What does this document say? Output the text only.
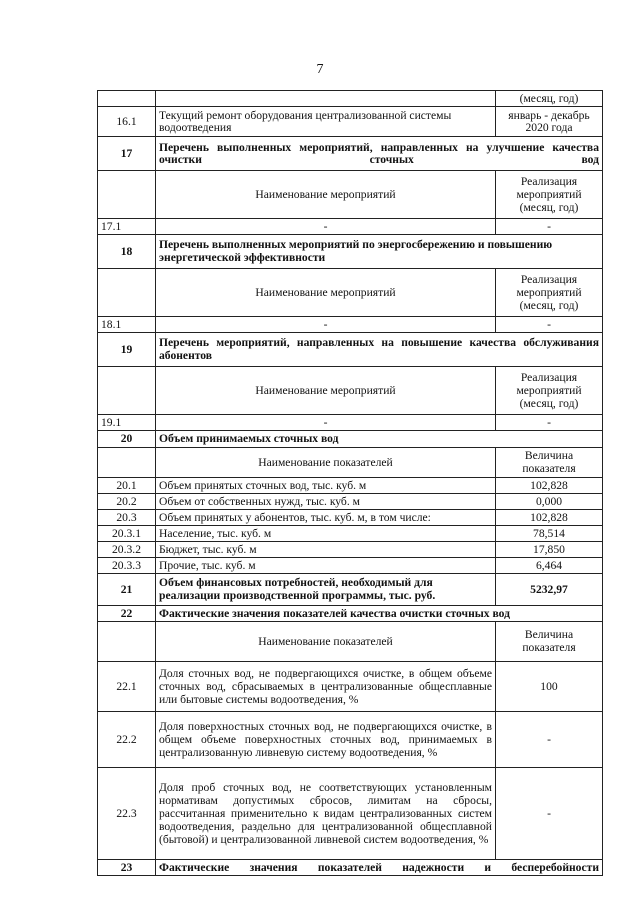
7
		(месяц, год)
16.1	Текущий ремонт оборудования централизованной системы водоотведения	январь - декабрь 2020 года
17	Перечень выполненных мероприятий, направленных на улучшение качества очистки сточных вод	
	Наименование мероприятий	Реализация мероприятий (месяц, год)
17.1	-	-
18	Перечень выполненных мероприятий по энергосбережению и повышению энергетической эффективности	
	Наименование мероприятий	Реализация мероприятий (месяц, год)
18.1	-	-
19	Перечень мероприятий, направленных на повышение качества обслуживания абонентов	
	Наименование мероприятий	Реализация мероприятий (месяц, год)
19.1	-	-
20	Объем принимаемых сточных вод	
	Наименование показателей	Величина показателя
20.1	Объем принятых сточных вод, тыс. куб. м	102,828
20.2	Объем от собственных нужд, тыс. куб. м	0,000
20.3	Объем принятых у абонентов, тыс. куб. м, в том числе:	102,828
20.3.1	Население, тыс. куб. м	78,514
20.3.2	Бюджет, тыс. куб. м	17,850
20.3.3	Прочие, тыс. куб. м	6,464
21	Объем финансовых потребностей, необходимый для реализации производственной программы, тыс. руб.	5232,97
22	Фактические значения показателей качества очистки сточных вод	
	Наименование показателей	Величина показателя
22.1	Доля сточных вод, не подвергающихся очистке, в общем объеме сточных вод, сбрасываемых в централизованные общесплавные или бытовые системы водоотведения, %	100
22.2	Доля поверхностных сточных вод, не подвергающихся очистке, в общем объеме поверхностных сточных вод, принимаемых в централизованную ливневую систему водоотведения, %	-
22.3	Доля проб сточных вод, не соответствующих установленным нормативам допустимых сбросов, лимитам на сбросы, рассчитанная применительно к видам централизованных систем водоотведения, раздельно для централизованной общесплавной (бытовой) и централизованной ливневой систем водоотведения, %	-
23	Фактические значения показателей надежности и бесперебойности	
